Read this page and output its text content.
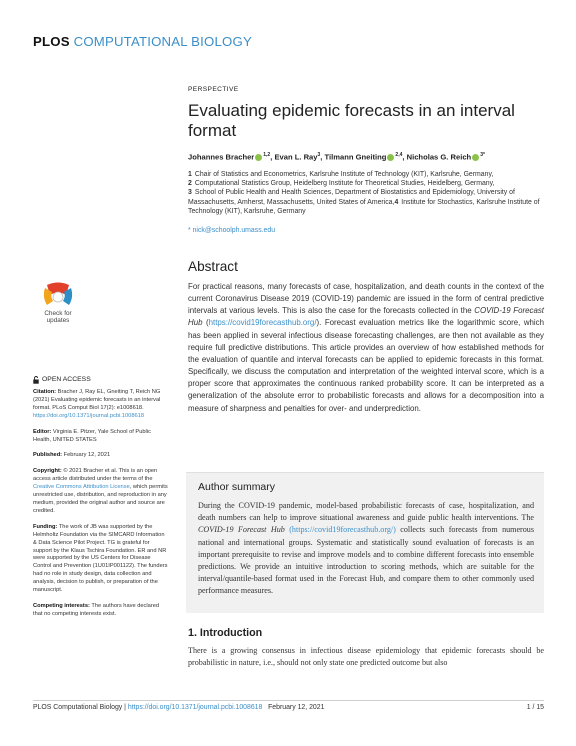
PLOS COMPUTATIONAL BIOLOGY
PERSPECTIVE
Evaluating epidemic forecasts in an interval format
Johannes Bracher $^{1,2}$, Evan L. Ray$^3$, Tilmann Gneiting $^{2,4}$, Nicholas G. Reich $^{3*}$

1 Chair of Statistics and Econometrics, Karlsruhe Institute of Technology (KIT), Karlsruhe, Germany,

2 Computational Statistics Group, Heidelberg Institute for Theoretical Studies, Heidelberg, Germany,

3 School of Public Health and Health Sciences, Department of Biostatistics and Epidemiology, University of Massachusetts, Amherst, Massachusetts, United States of America,4 Institute for Stochastics, Karlsruhe Institute of Technology (KIT), Karlsruhe, Germany

* nick@schoolph.umass.edu
Check for
updates
Abstract

For practical reasons, many forecasts of case, hospitalization, and death counts in the context of the current Coronavirus Disease 2019 (COVID-19) pandemic are issued in the form of central predictive intervals at various levels. This is also the case for the forecasts collected in the COVID-19 Forecast Hub (https://covid19forecasthub.org/). Forecast evaluation metrics like the logarithmic score, which has been applied in several infectious disease forecasting challenges, are then not available as they require full predictive distributions. This article provides an overview of how established methods for the evaluation of quantile and interval forecasts can be applied to epidemic forecasts in this format. Specifically, we discuss the computation and interpretation of the weighted interval score, which is a proper score that approximates the continuous ranked probability score. It can be interpreted as a generalization of the absolute error to probabilistic forecasts and allows for a decomposition into a measure of sharpness and penalties for over- and underprediction.

OPEN ACCESS
Citation: Bracher J, Ray EL, Gneiting T, Reich NG (2021) Evaluating epidemic forecasts in an interval format. PLoS Comput Biol 17(2): e1008618. https://doi.org/10.1371/journal.pcbi.1008618
Editor: Virginia E. Pitzer, Yale School of Public Health, UNITED STATES
Published: February 12, 2021
Copyright: © 2021 Bracher et al. This is an open access article distributed under the terms of the Creative Commons Attribution License, which permits unrestricted use, distribution, and reproduction in any medium, provided the original author and source are credited.
Funding: The work of JB was supported by the Helmholtz Foundation via the SIMCARD Information & Data Science Pilot Project. TG is grateful for support by the Klaus Tschira Foundation. ER and NR were supported by the US Centers for Disease Control and Prevention (1U01IP001122). The funders had no role in study design, data collection and analysis, decision to publish, or preparation of the manuscript.
Competing interests: The authors have declared that no competing interests exist.
Author summary

During the COVID-19 pandemic, model-based probabilistic forecasts of case, hospitalization, and death numbers can help to improve situational awareness and guide public health interventions. The COVID-19 Forecast Hub (https://covid19forecasthub.org/) collects such forecasts from numerous national and international groups. Systematic and statistically sound evaluation of forecasts is an important prerequisite to revise and improve models and to combine different forecasts into ensemble predictions. We provide an intuitive introduction to scoring methods, which are suitable for the interval/quantile-based format used in the Forecast Hub, and compare them to other commonly used performance measures.

1. Introduction

There is a growing consensus in infectious disease epidemiology that epidemic forecasts should be probabilistic in nature, i.e., should not only state one predicted outcome but also

PLOS Computational Biology | https://doi.org/10.1371/journal.pcbi.1008618 February 12, 2021	1 / 15
